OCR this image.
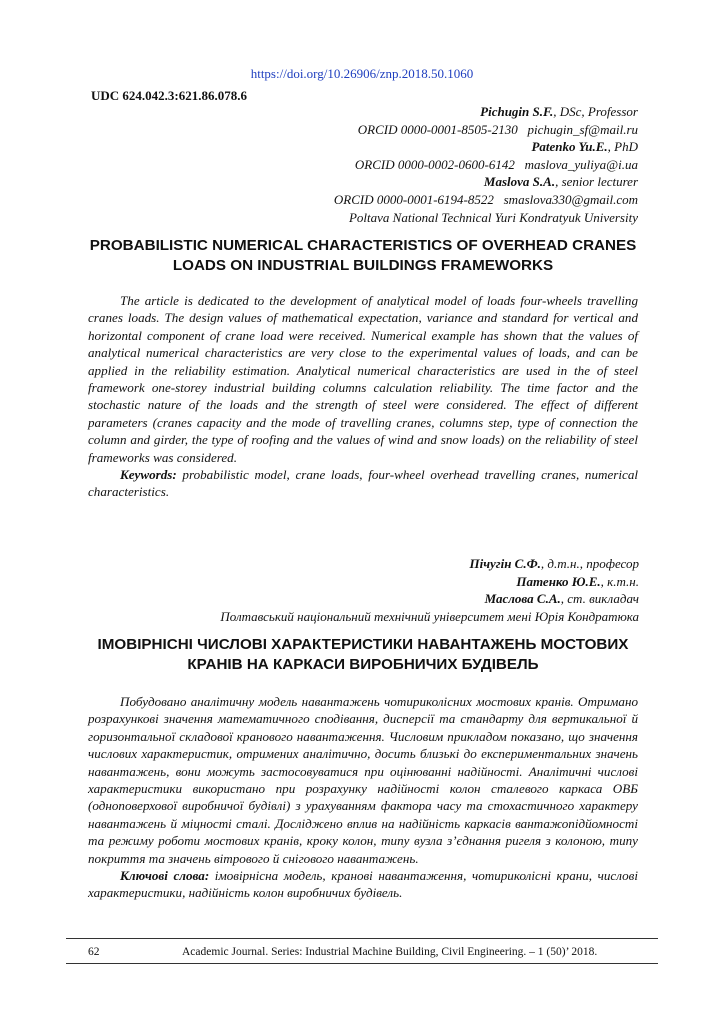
https://doi.org/10.26906/znp.2018.50.1060
UDC 624.042.3:621.86.078.6
Pichugin S.F., DSc, Professor
ORCID 0000-0001-8505-2130 pichugin_sf@mail.ru
Patenko Yu.E., PhD
ORCID 0000-0002-0600-6142 maslova_yuliya@i.ua
Maslova S.A., senior lecturer
ORCID 0000-0001-6194-8522 smaslova330@gmail.com
Poltava National Technical Yuri Kondratyuk University
PROBABILISTIC NUMERICAL CHARACTERISTICS OF OVERHEAD CRANES LOADS ON INDUSTRIAL BUILDINGS FRAMEWORKS

The article is dedicated to the development of analytical model of loads four-wheels travelling cranes loads. The design values of mathematical expectation, variance and standard for vertical and horizontal component of crane load were received. Numerical example has shown that the values of analytical numerical characteristics are very close to the experimental values of loads, and can be applied in the reliability estimation. Analytical numerical characteristics are used in the of steel framework one-storey industrial building columns calculation reliability. The time factor and the stochastic nature of the loads and the strength of steel were considered. The effect of different parameters (cranes capacity and the mode of travelling cranes, columns step, type of connection the column and girder, the type of roofing and the values of wind and snow loads) on the reliability of steel frameworks was considered.

Keywords: probabilistic model, crane loads, four-wheel overhead travelling cranes, numerical characteristics.

Пічугін С.Ф., д.т.н., професор
Патенко Ю.Е., к.т.н.
Маслова С.А., ст. викладач
Полтавський національний технічний університет мені Юрія Кондратюка
ІМОВІРНІСНІ ЧИСЛОВІ ХАРАКТЕРИСТИКИ НАВАНТАЖЕНЬ МОСТОВИХ КРАНІВ НА КАРКАСИ ВИРОБНИЧИХ БУДІВЕЛЬ

Побудовано аналітичну модель навантажень чотириколісних мостових кранів. Отримано розрахункові значення математичного сподівання, дисперсії та стандарту для вертикальної й горизонтальної складової кранового навантаження. Числовим прикладом показано, що значення числових характеристик, отримених аналітично, досить близькі до експериментальних значень навантажень, вони можуть застосовуватися при оцінюванні надійності. Аналітичні числові характеристики використано при розрахунку надійності колон сталевого каркаса ОВБ (одноповерхової виробничої будівлі) з урахуванням фактора часу та стохастичного характеру навантажень й міцності сталі. Досліджено вплив на надійність каркасів вантажопідйомності та режиму роботи мостових кранів, кроку колон, типу вузла з’єднання ригеля з колоною, типу покриття та значень вітрового й снігового навантажень.

Ключові слова: імовірнісна модель, кранові навантаження, чотириколісні крани, числові характеристики, надійність колон виробничих будівель.

62	Academic Journal. Series: Industrial Machine Building, Civil Engineering. – 1 (50)’ 2018.
